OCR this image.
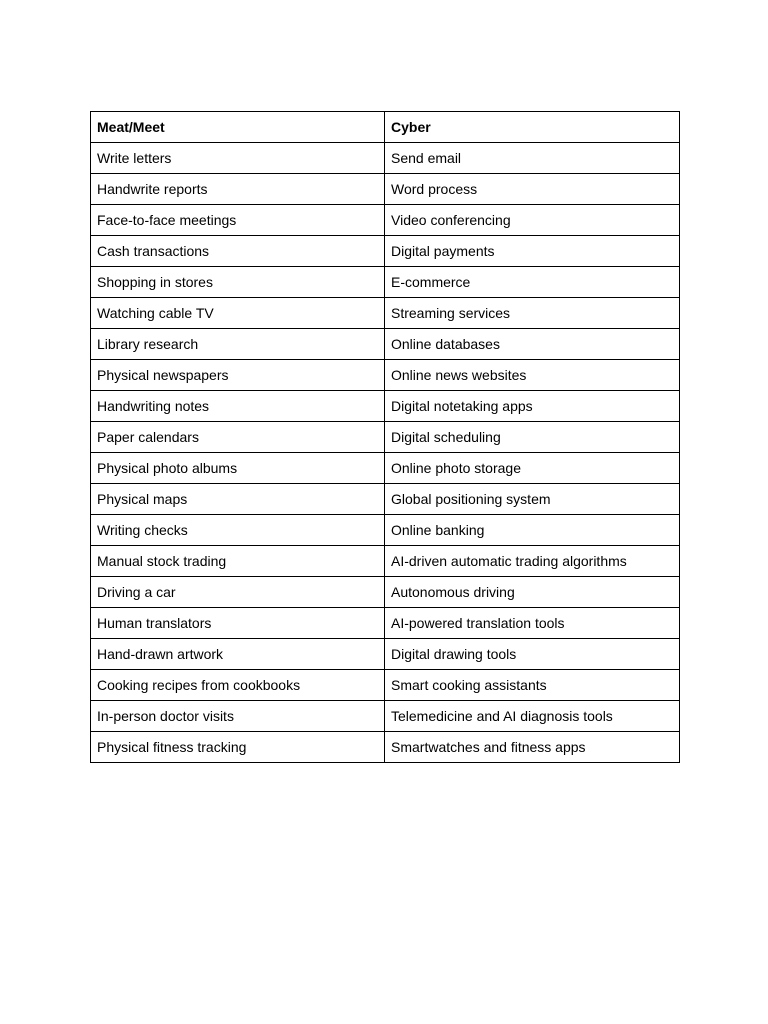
Meat/Meet	Cyber
Write letters	Send email
Handwrite reports	Word process
Face-to-face meetings	Video conferencing
Cash transactions	Digital payments
Shopping in stores	E-commerce
Watching cable TV	Streaming services
Library research	Online databases
Physical newspapers	Online news websites
Handwriting notes	Digital notetaking apps
Paper calendars	Digital scheduling
Physical photo albums	Online photo storage
Physical maps	Global positioning system
Writing checks	Online banking
Manual stock trading	AI-driven automatic trading algorithms
Driving a car	Autonomous driving
Human translators	AI-powered translation tools
Hand-drawn artwork	Digital drawing tools
Cooking recipes from cookbooks	Smart cooking assistants
In-person doctor visits	Telemedicine and AI diagnosis tools
Physical fitness tracking	Smartwatches and fitness apps
